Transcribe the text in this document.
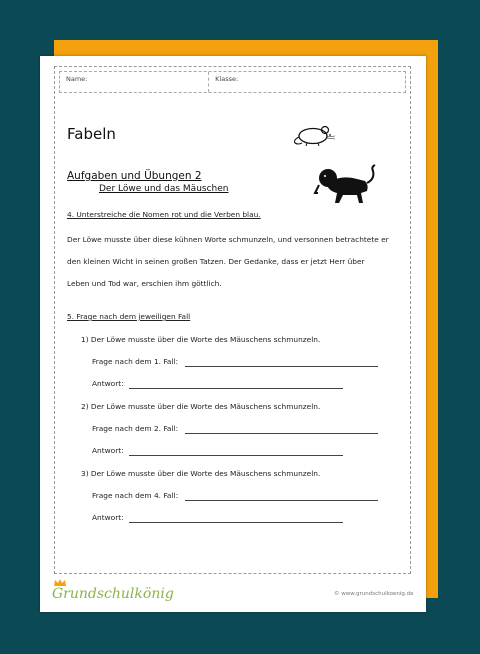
Name:	Klasse:
Fabeln
Aufgaben und Übungen 2
Der Löwe und das Mäuschen
4. Unterstreiche die Nomen rot und die Verben blau.
Der Löwe musste über diese kühnen Worte schmunzeln, und versonnen betrachtete er
den kleinen Wicht in seinen großen Tatzen. Der Gedanke, dass er jetzt Herr über
Leben und Tod war, erschien ihm göttlich.
5. Frage nach dem jeweiligen Fall
1) Der Löwe musste über die Worte des Mäuschens schmunzeln.
Frage nach dem 1. Fall:
Antwort:
2) Der Löwe musste über die Worte des Mäuschens schmunzeln.
Frage nach dem 2. Fall:
Antwort:
3) Der Löwe musste über die Worte des Mäuschens schmunzeln.
Frage nach dem 4. Fall:
Antwort:
Grundschulkönig	© www.grundschulkoenig.de
